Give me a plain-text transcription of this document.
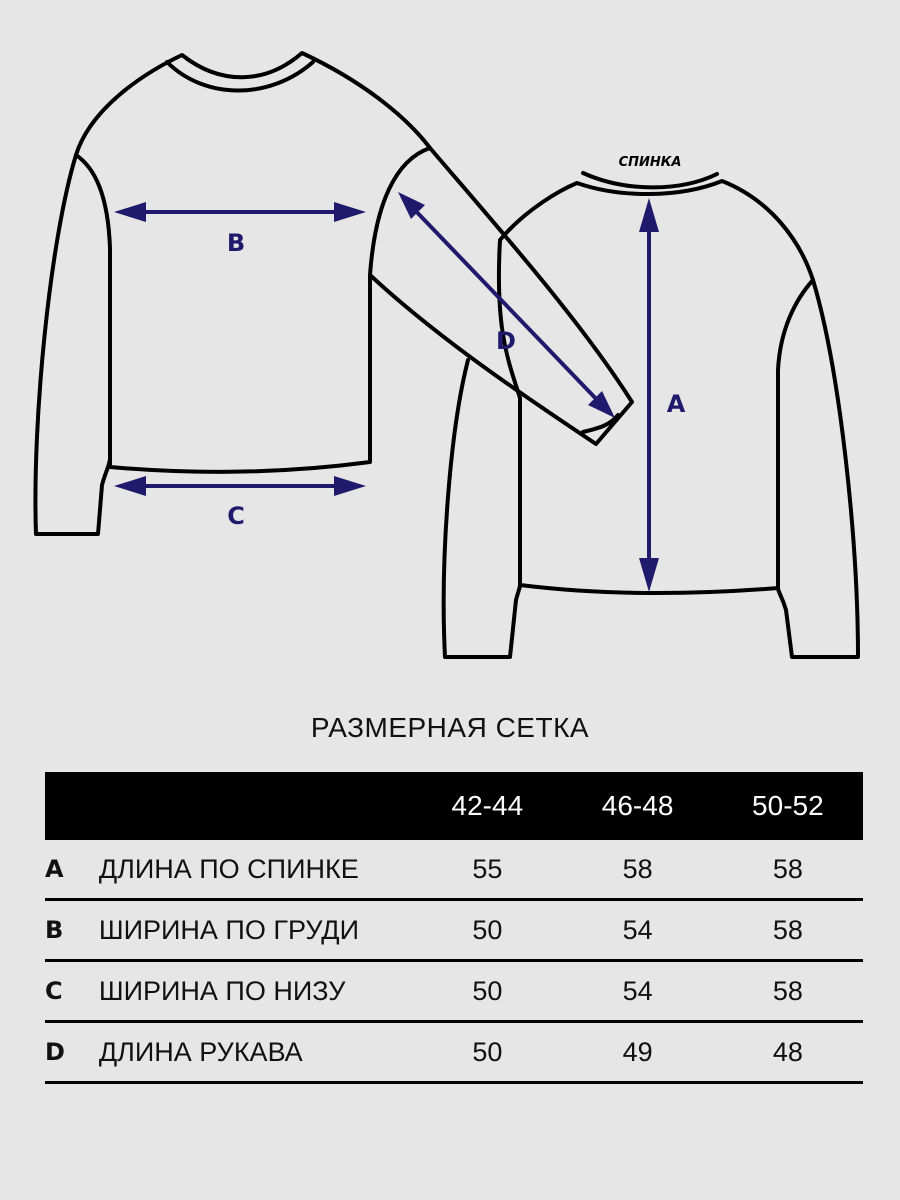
СПИНКА
B
C
D
A
РАЗМЕРНАЯ СЕТКА
		42-44	46-48	50-52
A	ДЛИНА ПО СПИНКЕ	55	58	58
B	ШИРИНА ПО ГРУДИ	50	54	58
C	ШИРИНА ПО НИЗУ	50	54	58
D	ДЛИНА РУКАВА	50	49	48
